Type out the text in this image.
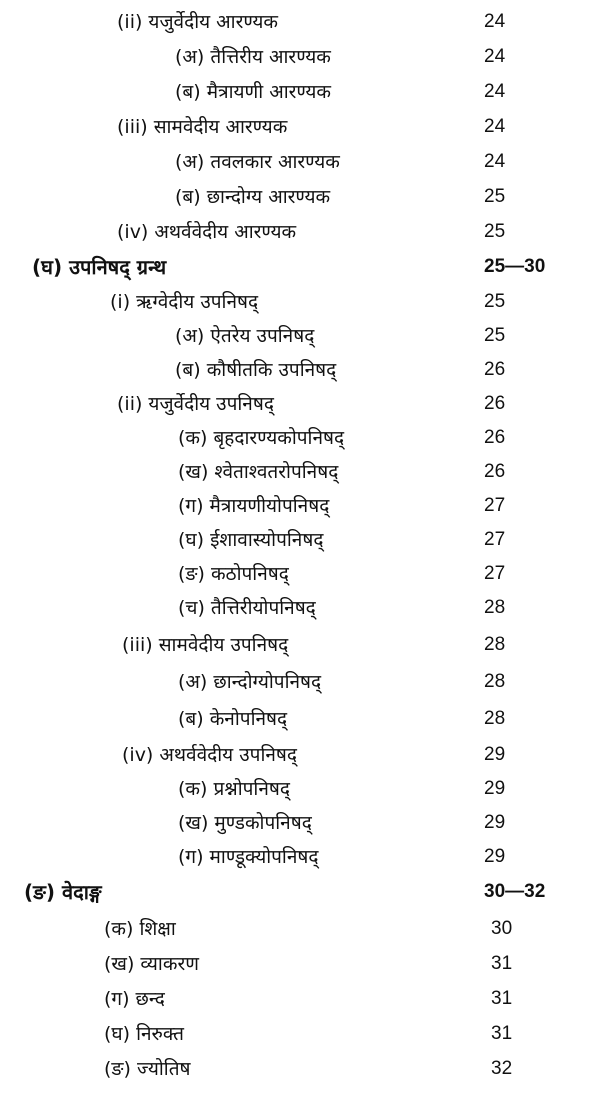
(ii) यजुर्वेदीय आरण्यक	24
(अ) तैत्तिरीय आरण्यक	24
(ब) मैत्रायणी आरण्यक	24
(iii) सामवेदीय आरण्यक	24
(अ) तवलकार आरण्यक	24
(ब) छान्दोग्य आरण्यक	25
(iv) अथर्ववेदीय आरण्यक	25
(घ) उपनिषद् ग्रन्थ	25—30
(i) ऋग्वेदीय उपनिषद्	25
(अ) ऐतरेय उपनिषद्	25
(ब) कौषीतकि उपनिषद्	26
(ii) यजुर्वेदीय उपनिषद्	26
(क) बृहदारण्यकोपनिषद्	26
(ख) श्वेताश्वतरोपनिषद्	26
(ग) मैत्रायणीयोपनिषद्	27
(घ) ईशावास्योपनिषद्	27
(ङ) कठोपनिषद्	27
(च) तैत्तिरीयोपनिषद्	28
(iii) सामवेदीय उपनिषद्	28
(अ) छान्दोग्योपनिषद्	28
(ब) केनोपनिषद्	28
(iv) अथर्ववेदीय उपनिषद्	29
(क) प्रश्नोपनिषद्	29
(ख) मुण्डकोपनिषद्	29
(ग) माण्डूक्योपनिषद्	29
(ङ) वेदाङ्ग	30—32
(क) शिक्षा	30
(ख) व्याकरण	31
(ग) छन्द	31
(घ) निरुक्त	31
(ङ) ज्योतिष	32
